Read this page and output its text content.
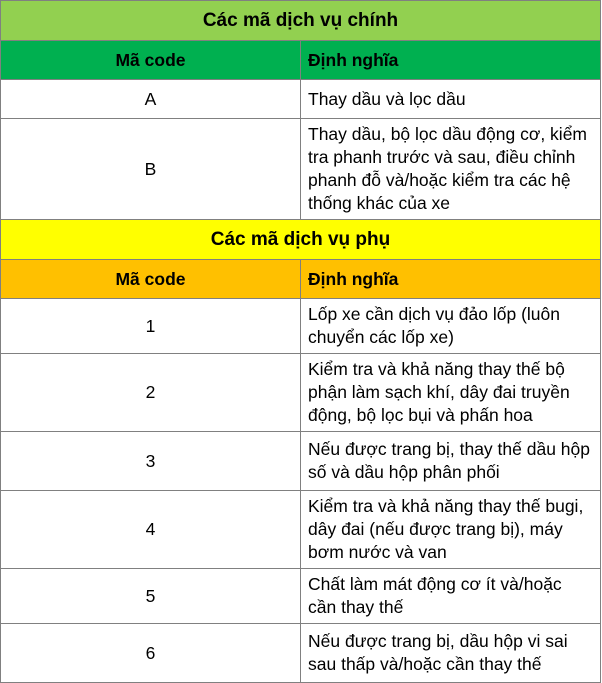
Các mã dịch vụ chính	
Mã code	Định nghĩa
A	Thay dầu và lọc dầu
B	Thay dầu, bộ lọc dầu động cơ, kiểm tra phanh trước và sau, điều chỉnh phanh đỗ và/hoặc kiểm tra các hệ thống khác của xe
Các mã dịch vụ phụ	
Mã code	Định nghĩa
1	Lốp xe cần dịch vụ đảo lốp (luôn chuyển các lốp xe)
2	Kiểm tra và khả năng thay thế bộ phận làm sạch khí, dây đai truyền động, bộ lọc bụi và phấn hoa
3	Nếu được trang bị, thay thế dầu hộp số và dầu hộp phân phối
4	Kiểm tra và khả năng thay thế bugi, dây đai (nếu được trang bị), máy bơm nước và van
5	Chất làm mát động cơ ít và/hoặc cần thay thế
6	Nếu được trang bị, dầu hộp vi sai sau thấp và/hoặc cần thay thế
